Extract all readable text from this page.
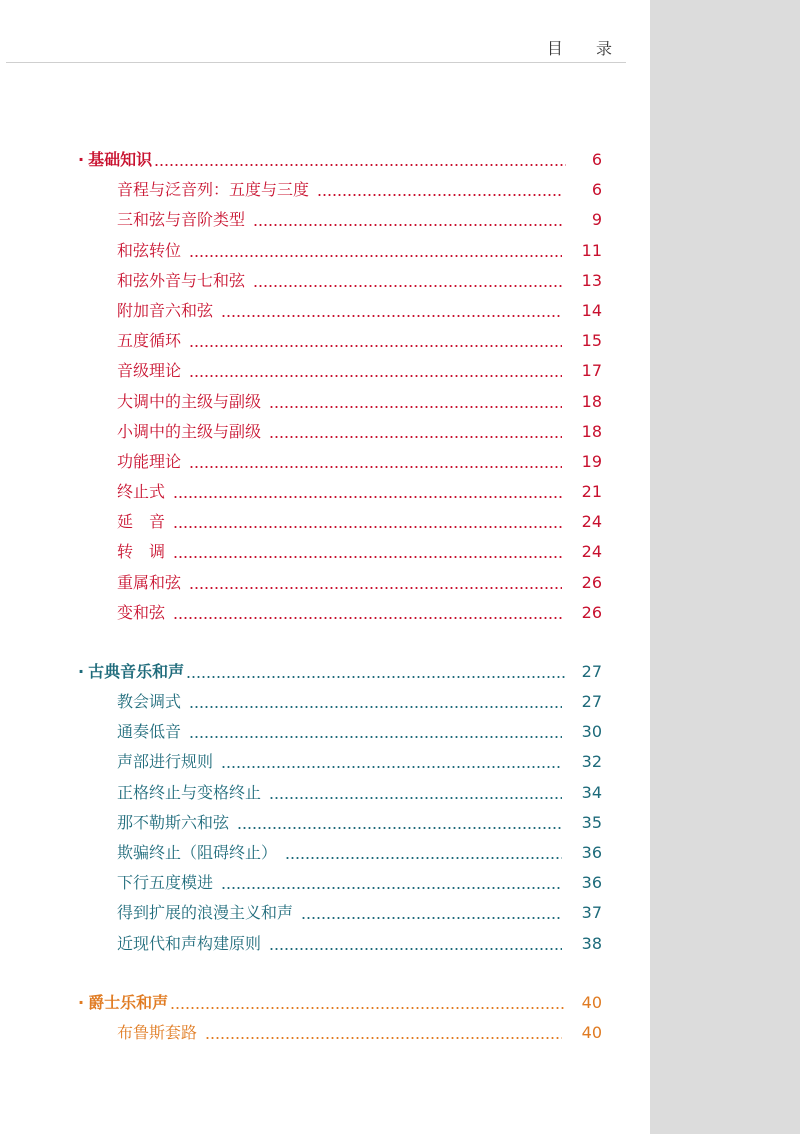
目 录
· 基础知识	6
音程与泛音列：五度与三度	6
三和弦与音阶类型	9
和弦转位	11
和弦外音与七和弦	13
附加音六和弦	14
五度循环	15
音级理论	17
大调中的主级与副级	18
小调中的主级与副级	18
功能理论	19
终止式	21
延　音	24
转　调	24
重属和弦	26
变和弦	26
· 古典音乐和声	27
教会调式	27
通奏低音	30
声部进行规则	32
正格终止与变格终止	34
那不勒斯六和弦	35
欺骗终止（阻碍终止）	36
下行五度模进	36
得到扩展的浪漫主义和声	37
近现代和声构建原则	38
· 爵士乐和声	40
布鲁斯套路	40
